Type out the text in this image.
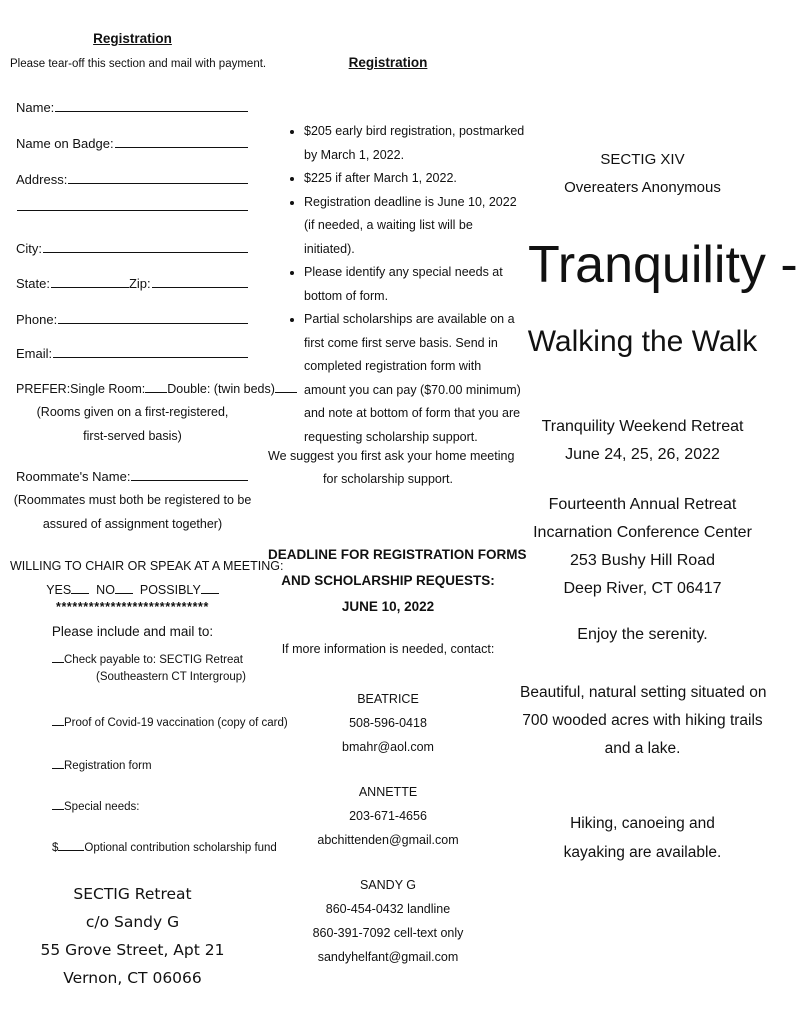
Registration
Please tear-off this section and mail with payment.
Name:
Name on Badge:
Address:
City:
State:	Zip:
Phone:
Email:
PREFER:Single Room: Double: (twin beds)
(Rooms given on a first-registered,
first-served basis)
Roommate's Name:
(Roommates must both be registered to be
assured of assignment together)
WILLING TO CHAIR OR SPEAK AT A MEETING:
YES NO POSSIBLY
****************************
Please include and mail to:
Check payable to: SECTIG Retreat
(Southeastern CT Intergroup)
Proof of Covid-19 vaccination (copy of card)
Registration form
Special needs:
$ Optional contribution scholarship fund
SECTIG Retreat
c/o Sandy G
55 Grove Street, Apt 21
Vernon, CT 06066
Registration
• $205 early bird registration, postmarked by March 1, 2022.
• $225 if after March 1, 2022.
• Registration deadline is June 10, 2022 (if needed, a waiting list will be initiated).
• Please identify any special needs at bottom of form.
• Partial scholarships are available on a first come first serve basis. Send in completed registration form with amount you can pay ($70.00 minimum) and note at bottom of form that you are requesting scholarship support.
We suggest you first ask your home meeting
for scholarship support.
DEADLINE FOR REGISTRATION FORMS
AND SCHOLARSHIP REQUESTS:
JUNE 10, 2022
If more information is needed, contact:
BEATRICE
508-596-0418
bmahr@aol.com
ANNETTE
203-671-4656
abchittenden@gmail.com
SANDY G
860-454-0432 landline
860-391-7092 cell-text only
sandyhelfant@gmail.com
SECTIG XIV
Overeaters Anonymous
Tranquility -
Walking the Walk
Tranquility Weekend Retreat
June 24, 25, 26, 2022
Fourteenth Annual Retreat
Incarnation Conference Center
253 Bushy Hill Road
Deep River, CT 06417
Enjoy the serenity.
Beautiful, natural setting situated on
700 wooded acres with hiking trails
and a lake.
Hiking, canoeing and
kayaking are available.
